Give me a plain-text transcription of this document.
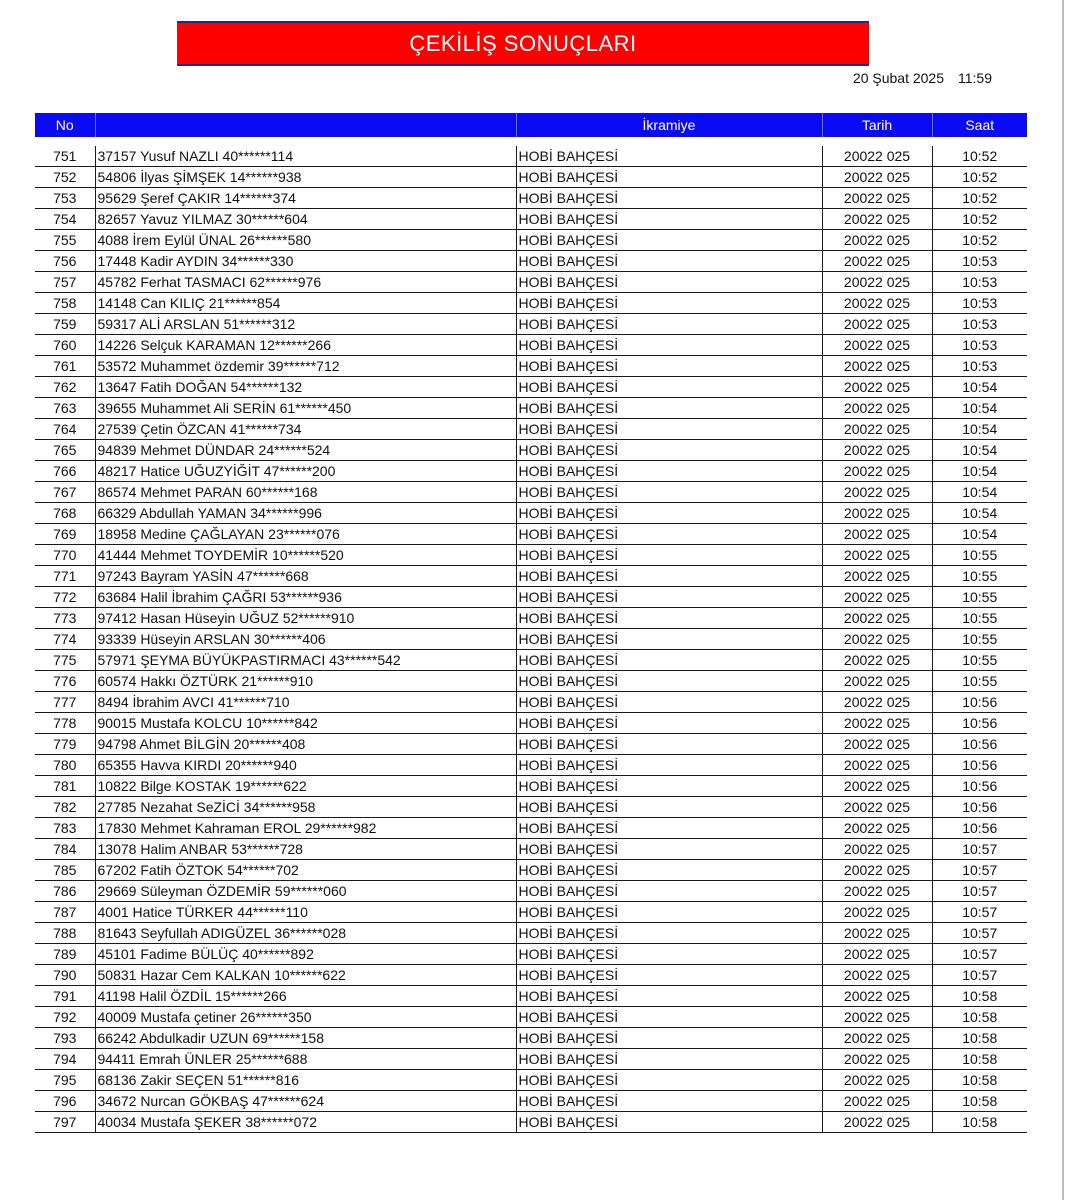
ÇEKİLİŞ SONUÇLARI
20 Şubat 2025 11:59
No		İkramiye	Tarih	Saat

751	37157 Yusuf NAZLI 40******114	HOBİ BAHÇESİ	20022 025	10:52
752	54806 İlyas ŞİMŞEK 14******938	HOBİ BAHÇESİ	20022 025	10:52
753	95629 Şeref ÇAKIR 14******374	HOBİ BAHÇESİ	20022 025	10:52
754	82657 Yavuz YILMAZ 30******604	HOBİ BAHÇESİ	20022 025	10:52
755	4088 İrem Eylül ÜNAL 26******580	HOBİ BAHÇESİ	20022 025	10:52
756	17448 Kadir AYDIN 34******330	HOBİ BAHÇESİ	20022 025	10:53
757	45782 Ferhat TASMACI 62******976	HOBİ BAHÇESİ	20022 025	10:53
758	14148 Can KILIÇ 21******854	HOBİ BAHÇESİ	20022 025	10:53
759	59317 ALİ ARSLAN 51******312	HOBİ BAHÇESİ	20022 025	10:53
760	14226 Selçuk KARAMAN 12******266	HOBİ BAHÇESİ	20022 025	10:53
761	53572 Muhammet özdemir 39******712	HOBİ BAHÇESİ	20022 025	10:53
762	13647 Fatih DOĞAN 54******132	HOBİ BAHÇESİ	20022 025	10:54
763	39655 Muhammet Ali SERİN 61******450	HOBİ BAHÇESİ	20022 025	10:54
764	27539 Çetin ÖZCAN 41******734	HOBİ BAHÇESİ	20022 025	10:54
765	94839 Mehmet DÜNDAR 24******524	HOBİ BAHÇESİ	20022 025	10:54
766	48217 Hatice UĞUZYİĞİT 47******200	HOBİ BAHÇESİ	20022 025	10:54
767	86574 Mehmet PARAN 60******168	HOBİ BAHÇESİ	20022 025	10:54
768	66329 Abdullah YAMAN 34******996	HOBİ BAHÇESİ	20022 025	10:54
769	18958 Medine ÇAĞLAYAN 23******076	HOBİ BAHÇESİ	20022 025	10:54
770	41444 Mehmet TOYDEMİR 10******520	HOBİ BAHÇESİ	20022 025	10:55
771	97243 Bayram YASİN 47******668	HOBİ BAHÇESİ	20022 025	10:55
772	63684 Halil İbrahim ÇAĞRI 53******936	HOBİ BAHÇESİ	20022 025	10:55
773	97412 Hasan Hüseyin UĞUZ 52******910	HOBİ BAHÇESİ	20022 025	10:55
774	93339 Hüseyin ARSLAN 30******406	HOBİ BAHÇESİ	20022 025	10:55
775	57971 ŞEYMA BÜYÜKPASTIRMACI 43******542	HOBİ BAHÇESİ	20022 025	10:55
776	60574 Hakkı ÖZTÜRK 21******910	HOBİ BAHÇESİ	20022 025	10:55
777	8494 İbrahim AVCI 41******710	HOBİ BAHÇESİ	20022 025	10:56
778	90015 Mustafa KOLCU 10******842	HOBİ BAHÇESİ	20022 025	10:56
779	94798 Ahmet BİLGİN 20******408	HOBİ BAHÇESİ	20022 025	10:56
780	65355 Havva KIRDI 20******940	HOBİ BAHÇESİ	20022 025	10:56
781	10822 Bilge KOSTAK 19******622	HOBİ BAHÇESİ	20022 025	10:56
782	27785 Nezahat SeZİCİ 34******958	HOBİ BAHÇESİ	20022 025	10:56
783	17830 Mehmet Kahraman EROL 29******982	HOBİ BAHÇESİ	20022 025	10:56
784	13078 Halim ANBAR 53******728	HOBİ BAHÇESİ	20022 025	10:57
785	67202 Fatih ÖZTOK 54******702	HOBİ BAHÇESİ	20022 025	10:57
786	29669 Süleyman ÖZDEMİR 59******060	HOBİ BAHÇESİ	20022 025	10:57
787	4001 Hatice TÜRKER 44******110	HOBİ BAHÇESİ	20022 025	10:57
788	81643 Seyfullah ADIGÜZEL 36******028	HOBİ BAHÇESİ	20022 025	10:57
789	45101 Fadime BÜLÜÇ 40******892	HOBİ BAHÇESİ	20022 025	10:57
790	50831 Hazar Cem KALKAN 10******622	HOBİ BAHÇESİ	20022 025	10:57
791	41198 Halil ÖZDİL 15******266	HOBİ BAHÇESİ	20022 025	10:58
792	40009 Mustafa çetiner 26******350	HOBİ BAHÇESİ	20022 025	10:58
793	66242 Abdulkadir UZUN 69******158	HOBİ BAHÇESİ	20022 025	10:58
794	94411 Emrah ÜNLER 25******688	HOBİ BAHÇESİ	20022 025	10:58
795	68136 Zakir SEÇEN 51******816	HOBİ BAHÇESİ	20022 025	10:58
796	34672 Nurcan GÖKBAŞ 47******624	HOBİ BAHÇESİ	20022 025	10:58
797	40034 Mustafa ŞEKER 38******072	HOBİ BAHÇESİ	20022 025	10:58
